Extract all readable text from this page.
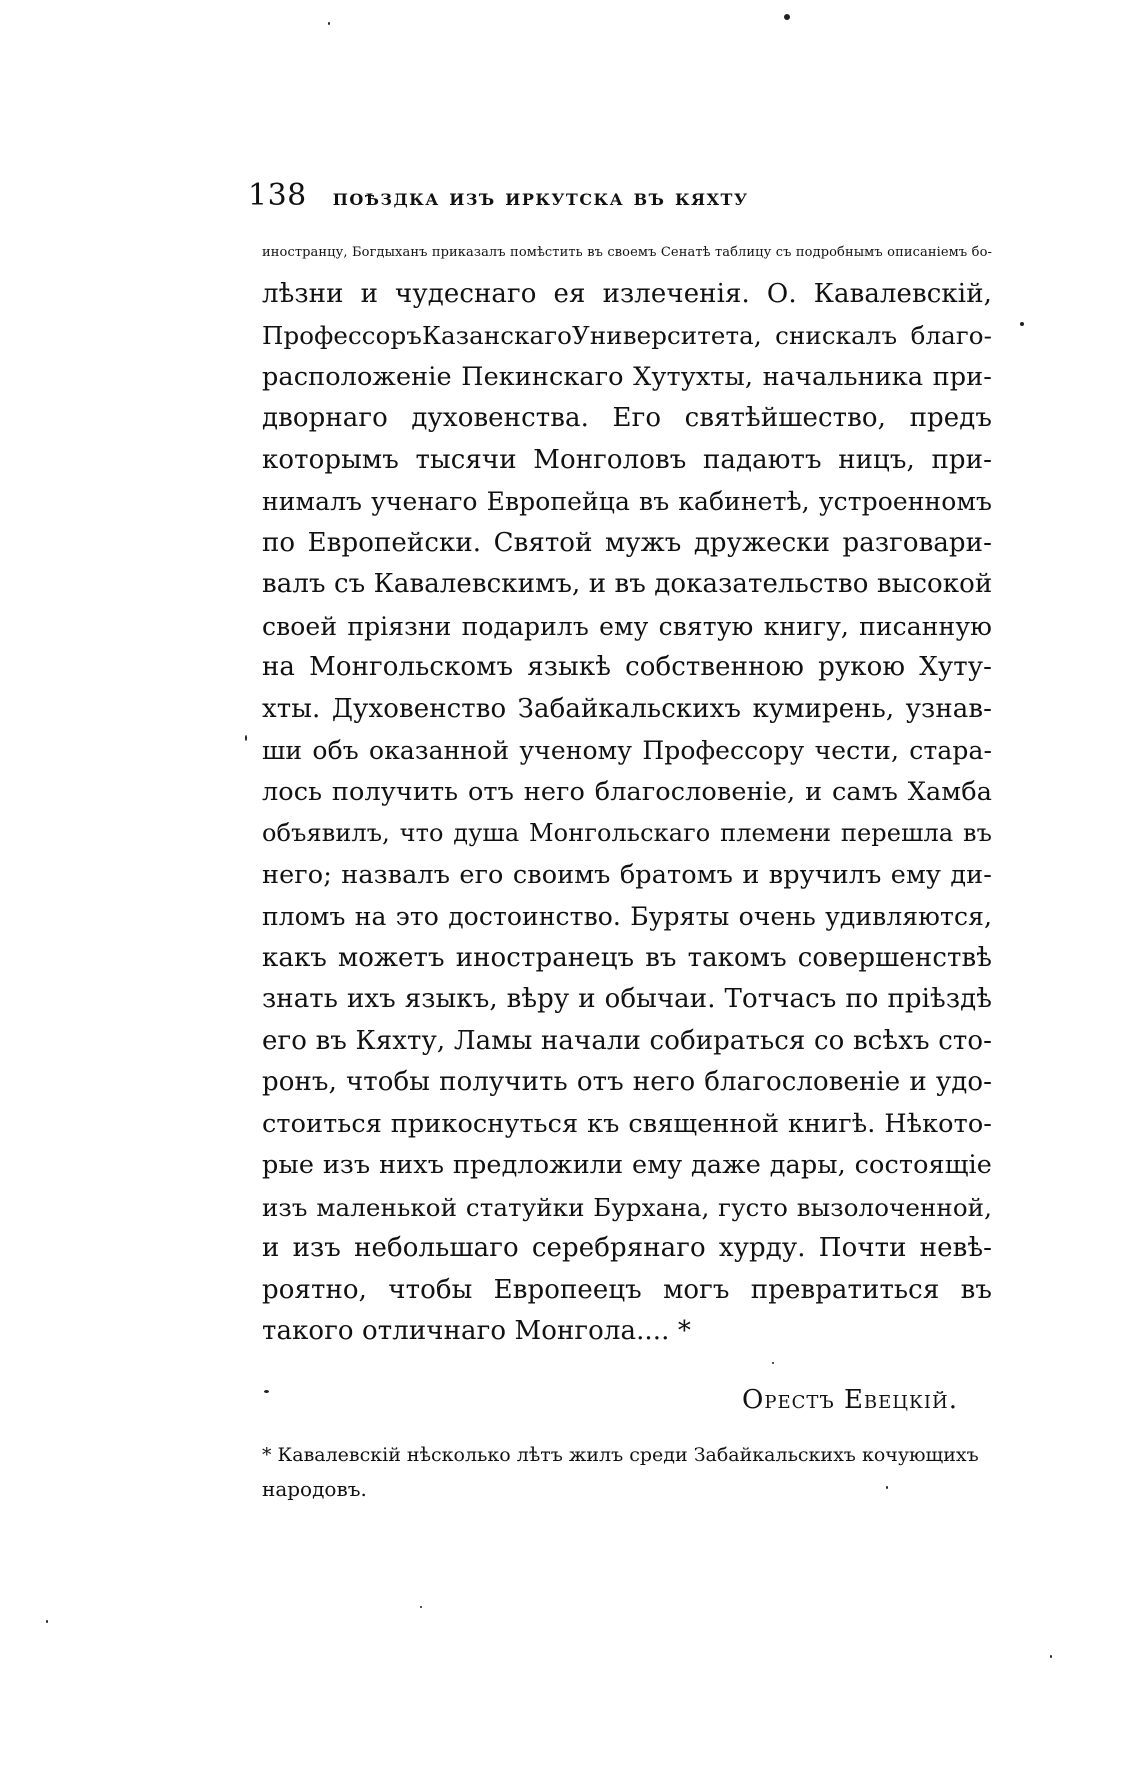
138 поѣздка изъ иркутска въ кяхту
иностранцу, Богдыханъ приказалъ помѣстить въ своемъ Сенатѣ таблицу съ подробнымъ описаніемъ бо-
лѣзни и чудеснаго ея излеченія. О. Кавалевскій,
ПрофессоръКазанскагоУниверситета, снискалъ благо-
расположеніе Пекинскаго Хутухты, начальника при-
дворнаго духовенства. Его святѣйшество, предъ
которымъ тысячи Монголовъ падаютъ ницъ, при-
нималъ ученаго Европейца въ кабинетѣ, устроенномъ
по Европейски. Святой мужъ дружески разговари-
валъ съ Кавалевскимъ, и въ доказательство высокой
своей пріязни подарилъ ему святую книгу, писанную
на Монгольскомъ языкѣ собственною рукою Хуту-
хты. Духовенство Забайкальскихъ кумирень, узнав-
ши объ оказанной ученому Профессору чести, стара-
лось получить отъ него благословеніе, и самъ Хамба
объявилъ, что душа Монгольскаго племени перешла въ
него; назвалъ его своимъ братомъ и вручилъ ему ди-
пломъ на это достоинство. Буряты очень удивляются,
какъ можетъ иностранецъ въ такомъ совершенствѣ
знать ихъ языкъ, вѣру и обычаи. Тотчасъ по пріѣздѣ
его въ Кяхту, Ламы начали собираться со всѣхъ сто-
ронъ, чтобы получить отъ него благословеніе и удо-
стоиться прикоснуться къ священной книгѣ. Нѣкото-
рые изъ нихъ предложили ему даже дары, состоящіе
изъ маленькой статуйки Бурхана, густо вызолоченной,
и изъ небольшаго серебрянаго хурду. Почти невѣ-
роятно, чтобы Европеецъ могъ превратиться въ
такого отличнаго Монгола.... *
Орестъ Евецкій.
* Кавалевскій нѣсколько лѣтъ жилъ среди Забайкальскихъ кочующихъ
народовъ.
